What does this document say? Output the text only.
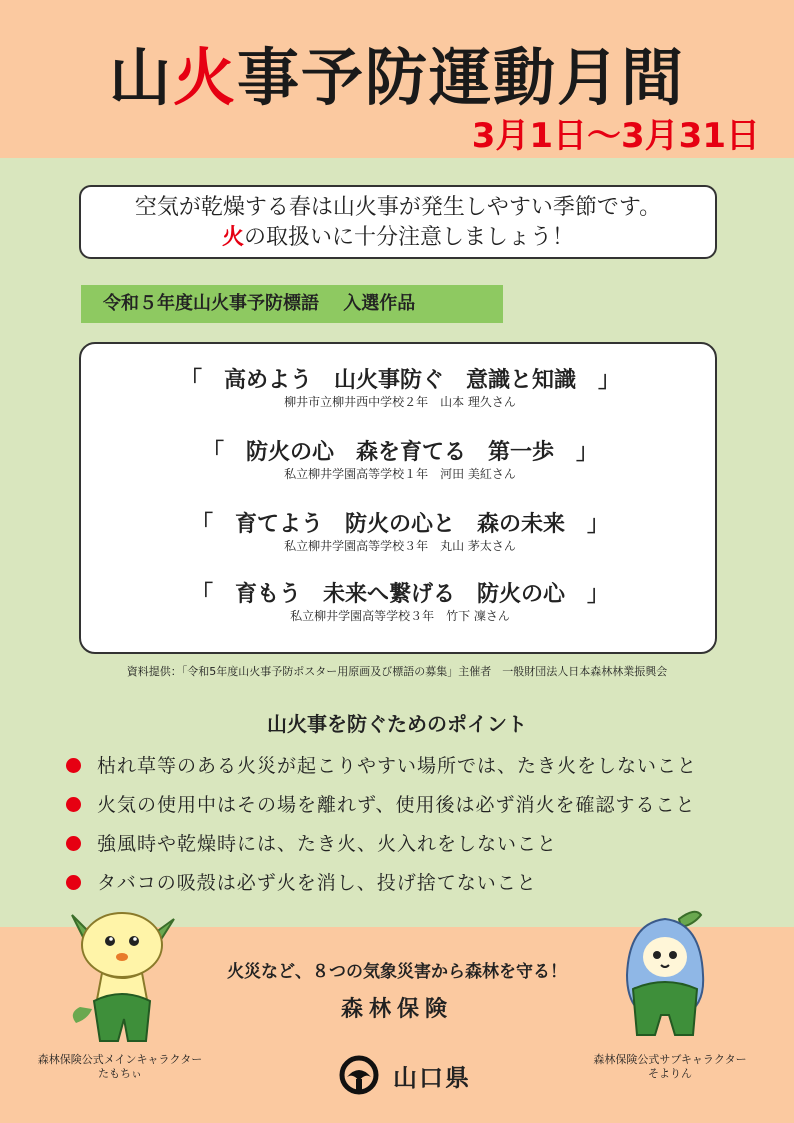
山火事予防運動月間
3月1日～3月31日
空気が乾燥する春は山火事が発生しやすい季節です。
火の取扱いに十分注意しましょう！
令和５年度山火事予防標語　 入選作品
「　高めよう　山火事防ぐ　意識と知識　」
柳井市立柳井西中学校２年　山本 理久さん
「　防火の心　森を育てる　第一歩　」
私立柳井学園高等学校１年　河田 美紅さん
「　育てよう　防火の心と　森の未来　」
私立柳井学園高等学校３年　丸山 茅太さん
「　育もう　未来へ繋げる　防火の心　」
私立柳井学園高等学校３年　竹下 凜さん
資料提供：「令和5年度山火事予防ポスター用原画及び標語の募集」主催者　一般財団法人日本森林林業振興会
山火事を防ぐためのポイント
枯れ草等のある火災が起こりやすい場所では、たき火をしないこと
火気の使用中はその場を離れず、使用後は必ず消火を確認すること
強風時や乾燥時には、たき火、火入れをしないこと
タバコの吸殻は必ず火を消し、投げ捨てないこと
火災など、８つの気象災害から森林を守る！
森林保険
山口県
森林保険公式メインキャラクター
たもちぃ
森林保険公式サブキャラクター
そよりん
